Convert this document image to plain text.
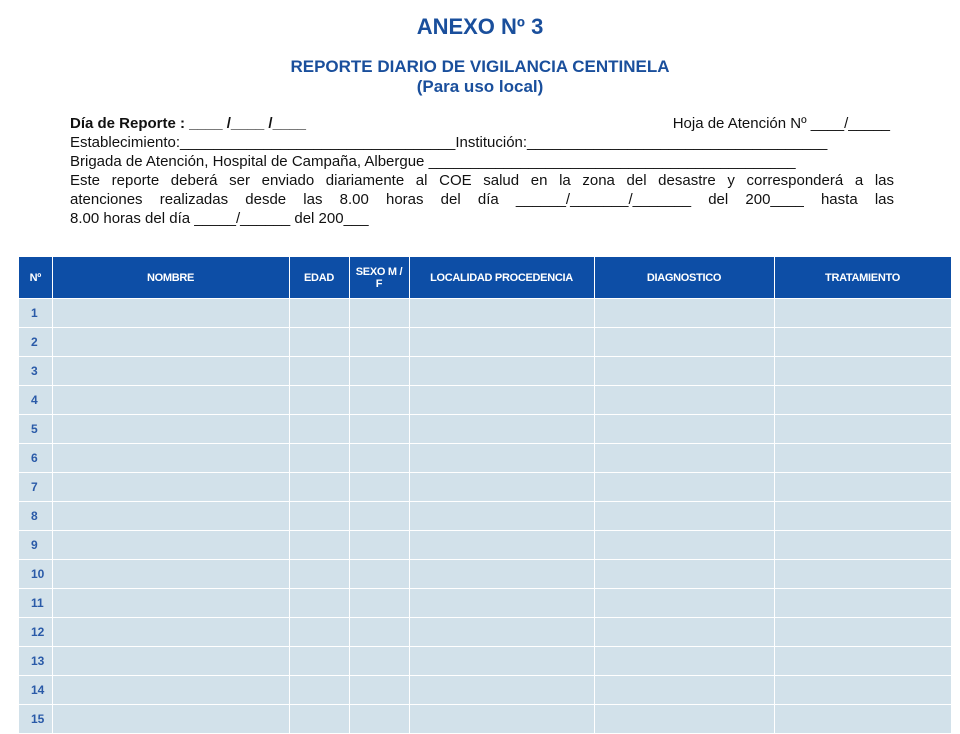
ANEXO Nº 3
REPORTE DIARIO DE VIGILANCIA CENTINELA
(Para uso local)
Día de Reporte : ____ /____ /____	Hoja de Atención Nº ____/_____
Establecimiento:_________________________________Institución:____________________________________
Brigada de Atención, Hospital de Campaña, Albergue ____________________________________________
Este reporte deberá ser enviado diariamente al COE salud en la zona del desastre y corresponderá a las
atenciones realizadas desde las 8.00 horas del día ______/_______/_______ del 200____ hasta las
8.00 horas del día _____/______ del 200___
Nº	NOMBRE	EDAD	SEXO M / F	LOCALIDAD PROCEDENCIA	DIAGNOSTICO	TRATAMIENTO
1						
2						
3						
4						
5						
6						
7						
8						
9						
10						
11						
12						
13						
14						
15						
